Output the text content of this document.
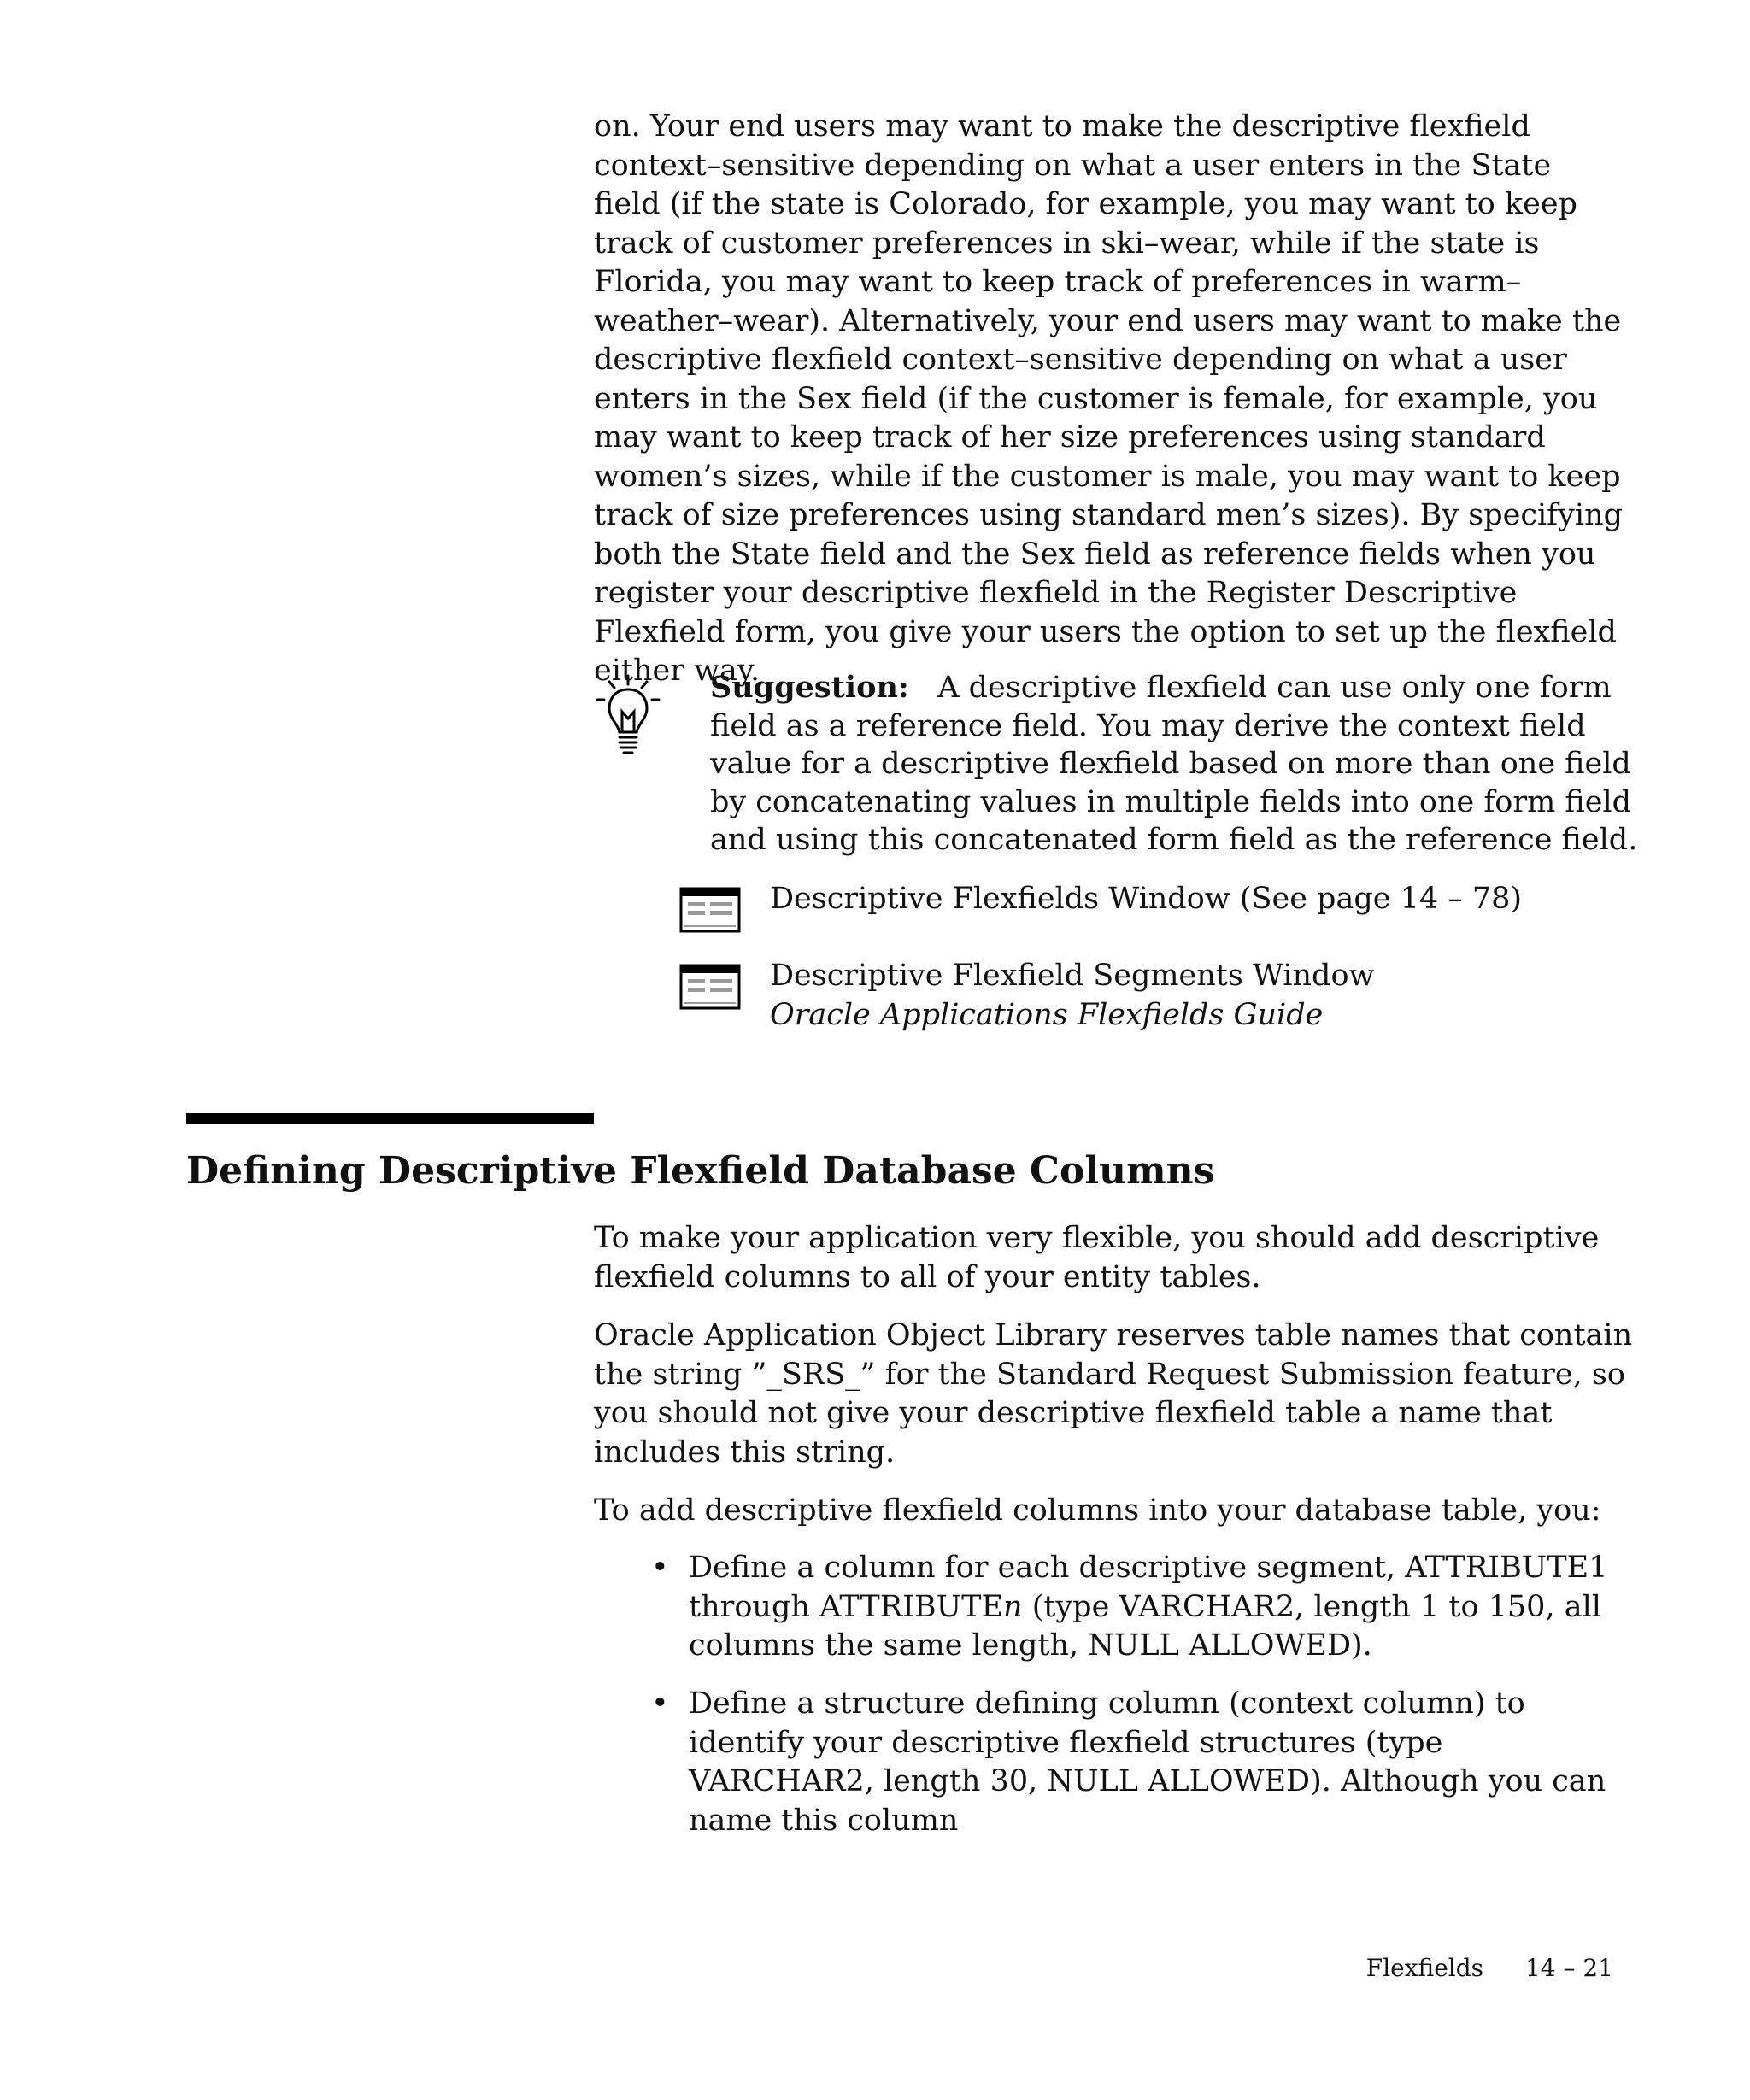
on. Your end users may want to make the descriptive flexfield context–sensitive depending on what a user enters in the State field (if the state is Colorado, for example, you may want to keep track of customer preferences in ski–wear, while if the state is Florida, you may want to keep track of preferences in warm–weather–wear). Alternatively, your end users may want to make the descriptive flexfield context–sensitive depending on what a user enters in the Sex field (if the customer is female, for example, you may want to keep track of her size preferences using standard women’s sizes, while if the customer is male, you may want to keep track of size preferences using standard men’s sizes). By specifying both the State field and the Sex field as reference fields when you register your descriptive flexfield in the Register Descriptive Flexfield form, you give your users the option to set up the flexfield either way.

Suggestion: A descriptive flexfield can use only one form field as a reference field. You may derive the context field value for a descriptive flexfield based on more than one field by concatenating values in multiple fields into one form field and using this concatenated form field as the reference field.

Descriptive Flexfields Window (See page 14 – 78)
Descriptive Flexfield Segments Window
Oracle Applications Flexfields Guide
Defining Descriptive Flexfield Database Columns

To make your application very flexible, you should add descriptive flexfield columns to all of your entity tables.

Oracle Application Object Library reserves table names that contain the string ”_SRS_” for the Standard Request Submission feature, so you should not give your descriptive flexfield table a name that includes this string.

To add descriptive flexfield columns into your database table, you:

• Define a column for each descriptive segment, ATTRIBUTE1 through ATTRIBUTEn (type VARCHAR2, length 1 to 150, all columns the same length, NULL ALLOWED).

• Define a structure defining column (context column) to identify your descriptive flexfield structures (type VARCHAR2, length 30, NULL ALLOWED). Although you can name this column

Flexfields 14 – 21
